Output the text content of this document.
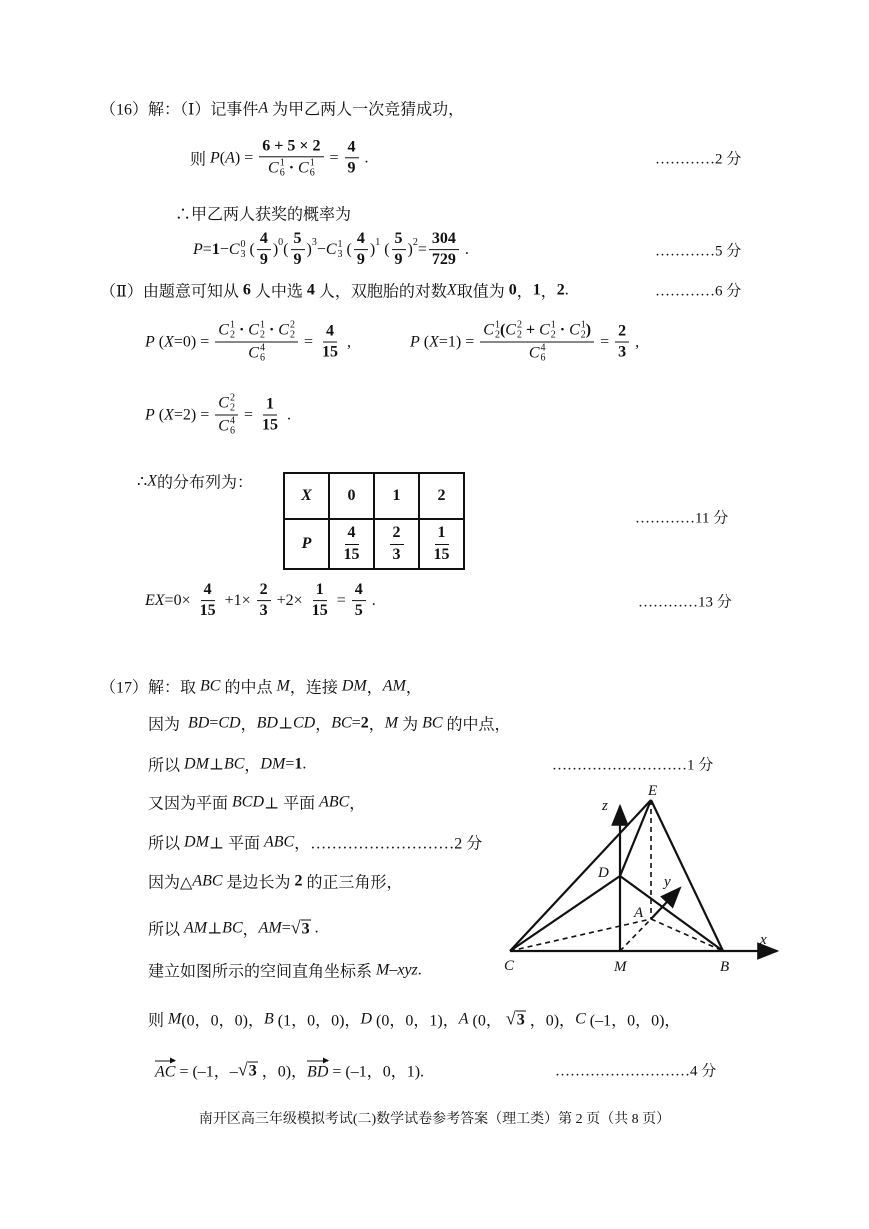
（16）解：（Ⅰ）记事件 A 为甲乙两人一次竞猜成功，
则 P ( A ) = 6 + 5 × 2
C 1
6 · C 1
$6 = \frac{4}{9}$ .	…………2 分
∴甲乙两人获奖的概率为
P = 1 − C 0
3 ( $\frac{4}{9}$ ) 0 ( $\frac{5}{9}$ ) 3 − C 1
3 ( $\frac{4}{9}$ ) 1 ( $\frac{5}{9}$ ) $2 = \frac{304}{729}$ .	…………5 分
（Ⅱ）由题意可知从 6 人中选 4 人，双胞胎的对数 X 取值为 0 ， 1 ， 2 .	…………6 分
P ( X =0) = C 1
2 · C 1
2 · C 2
2
C 4
$6 = \frac{4}{15}$ ,	P ( X =1) = C 1
2 ( C 2
2 + C 1
2 · C 1
2 )
C 4
$6 = \frac{2}{3}$ ,
P ( X =2) = C 2
2
C 4
$6 = \frac{1}{15}$ .
∴ X 的分布列为：
X	0	1	2
P	$\frac{4}{15}$	$\frac{2}{3}$	$\frac{1}{15}$
…………11 分
EX $=0\times \frac{4}{15} +1\times \frac{2}{3} +2\times \frac{1}{15} = \frac{4}{5}$ .	…………13 分
（17）解：取 BC 的中点 M ，连接 DM ， AM ，
因为 BD = CD ， BD ⊥ CD ， BC = 2 ， M 为 BC 的中点，
所以 DM ⊥ BC ， DM = 1 .	………………………1 分
又因为平面 BCD ⊥ 平面 ABC ，
所以 DM ⊥ 平面 ABC ，………………………2 分
因为△ ABC 是边长为 2 的正三角形，
所以 AM ⊥ BC ， AM = √ 3 .
建立如图所示的空间直角坐标系 M–xyz .
则 M (0，0，0)， B (1，0，0)， D (0，0，1)， A (0， √ 3 ，0)， C (–1，0，0)，
AC = (–1，– √ 3 ，0)， BD = (–1，0，1).	………………………4 分
E
z
D
y
A
x
C	M	B
南开区高三年级模拟考试(二)数学试卷参考答案（理工类）第 2 页（共 8 页）
